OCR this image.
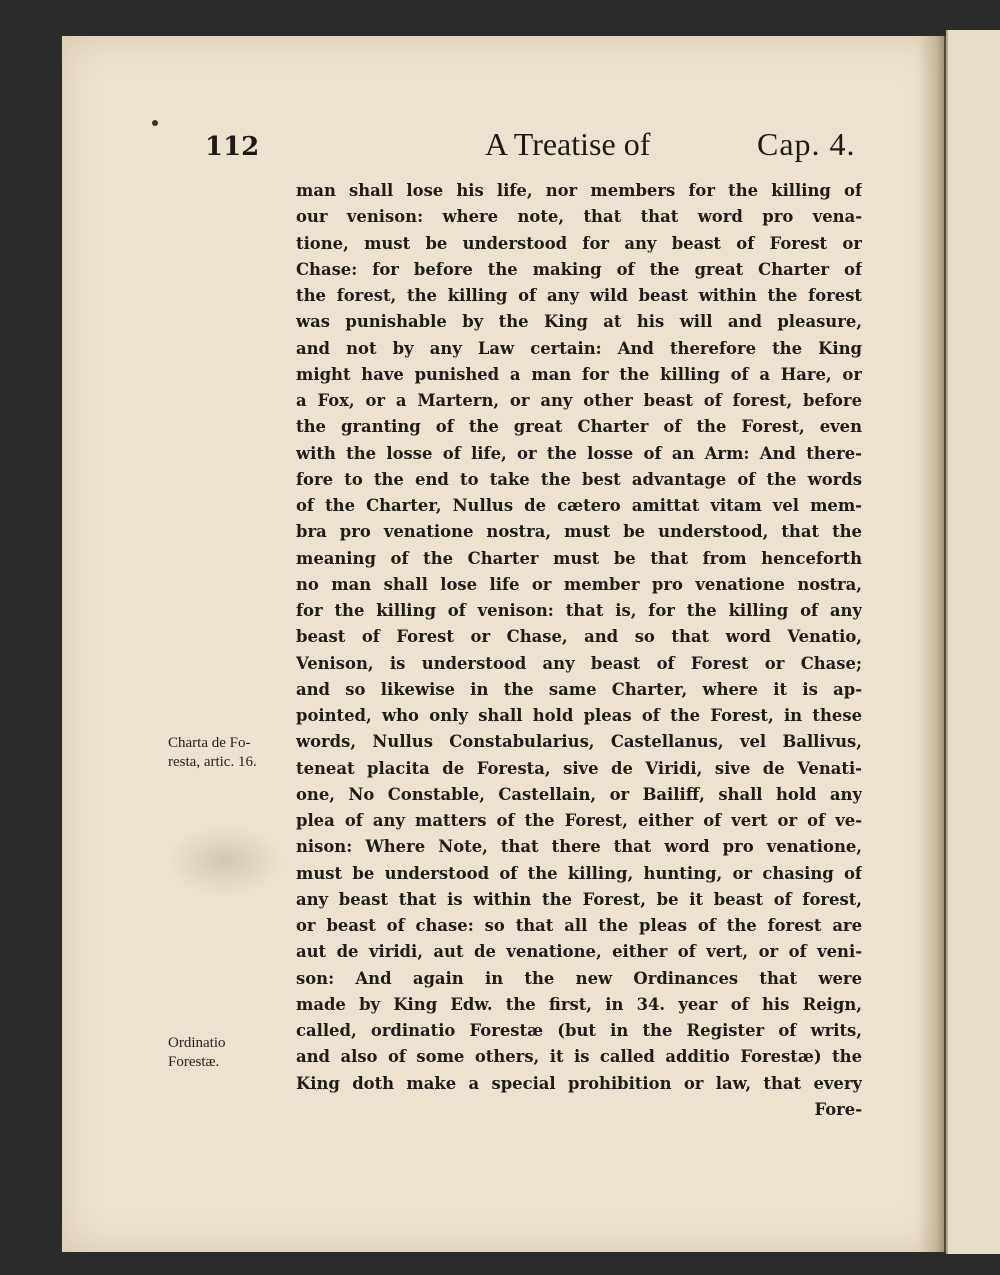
112	A Treatise of	Cap. 4.
man shall lose his life, nor members for the killing of
our venison: where note, that that word pro vena-
tione, must be understood for any beast of Forest or
Chase: for before the making of the great Charter of
the forest, the killing of any wild beast within the forest
was punishable by the King at his will and pleasure,
and not by any Law certain: And therefore the King
might have punished a man for the killing of a Hare, or
a Fox, or a Martern, or any other beast of forest, before
the granting of the great Charter of the Forest, even
with the losse of life, or the losse of an Arm: And there-
fore to the end to take the best advantage of the words
of the Charter, Nullus de cætero amittat vitam vel mem-
bra pro venatione nostra, must be understood, that the
meaning of the Charter must be that from henceforth
no man shall lose life or member pro venatione nostra,
for the killing of venison: that is, for the killing of any
beast of Forest or Chase, and so that word Venatio,
Venison, is understood any beast of Forest or Chase;
and so likewise in the same Charter, where it is ap-
pointed, who only shall hold pleas of the Forest, in these
words, Nullus Constabularius, Castellanus, vel Ballivus,
teneat placita de Foresta, sive de Viridi, sive de Venati-
one, No Constable, Castellain, or Bailiff, shall hold any
plea of any matters of the Forest, either of vert or of ve-
nison: Where Note, that there that word pro venatione,
must be understood of the killing, hunting, or chasing of
any beast that is within the Forest, be it beast of forest,
or beast of chase: so that all the pleas of the forest are
aut de viridi, aut de venatione, either of vert, or of veni-
son: And again in the new Ordinances that were
made by King Edw. the first, in 34. year of his Reign,
called, ordinatio Forestæ (but in the Register of writs,
and also of some others, it is called additio Forestæ) the
King doth make a special prohibition or law, that every
Fore-
Charta de Fo-
resta, artic. 16.
Ordinatio
Forestæ.
